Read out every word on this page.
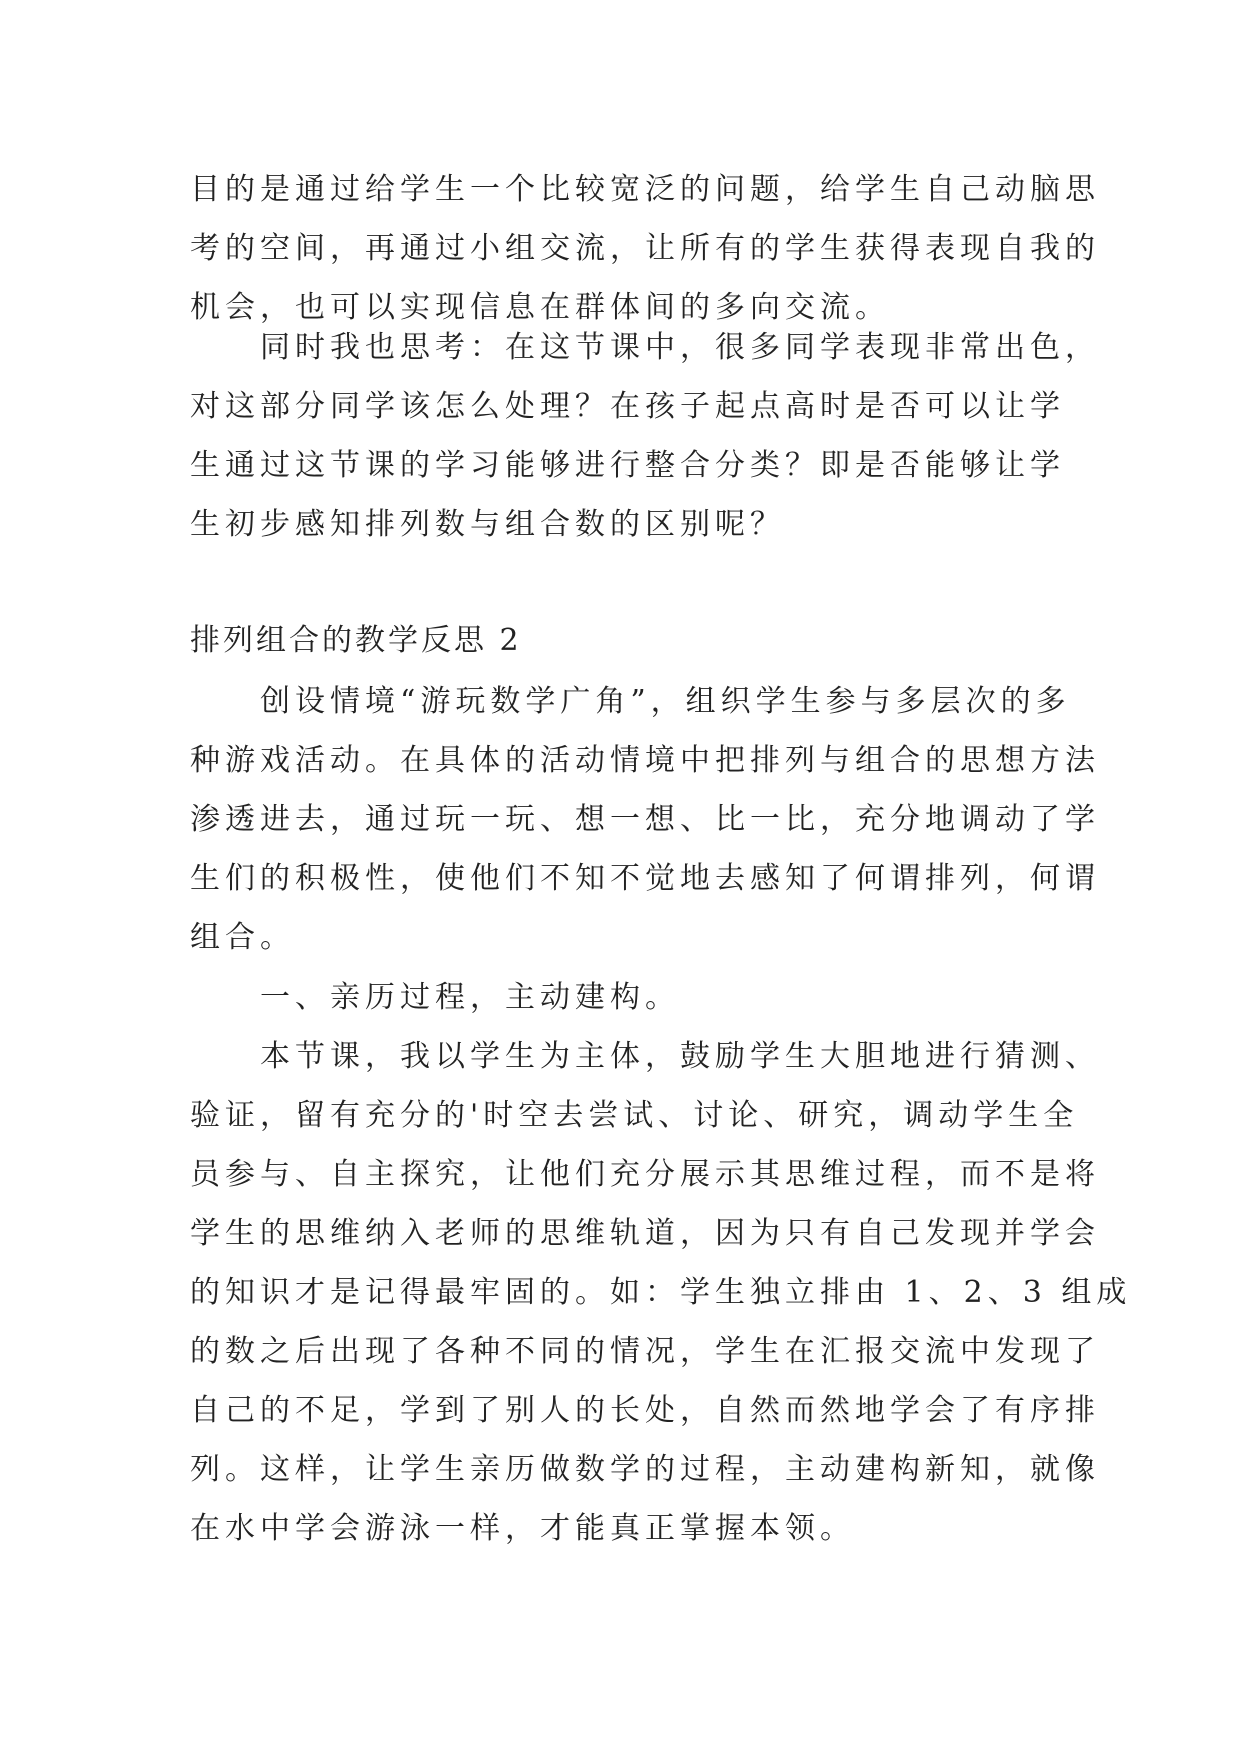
目的是通过给学生一个比较宽泛的问题，给学生自己动脑思
考的空间，再通过小组交流，让所有的学生获得表现自我的
机会，也可以实现信息在群体间的多向交流。
同时我也思考：在这节课中，很多同学表现非常出色，
对这部分同学该怎么处理？在孩子起点高时是否可以让学
生通过这节课的学习能够进行整合分类？即是否能够让学
生初步感知排列数与组合数的区别呢？
排列组合的教学反思 2
创设情境“游玩数学广角”，组织学生参与多层次的多
种游戏活动。在具体的活动情境中把排列与组合的思想方法
渗透进去，通过玩一玩、想一想、比一比，充分地调动了学
生们的积极性，使他们不知不觉地去感知了何谓排列，何谓
组合。
一、亲历过程，主动建构。
本节课，我以学生为主体，鼓励学生大胆地进行猜测、
验证，留有充分的'时空去尝试、讨论、研究，调动学生全
员参与、自主探究，让他们充分展示其思维过程，而不是将
学生的思维纳入老师的思维轨道，因为只有自己发现并学会
的知识才是记得最牢固的。如：学生独立排由 1、2、3 组成
的数之后出现了各种不同的情况，学生在汇报交流中发现了
自己的不足，学到了别人的长处，自然而然地学会了有序排
列。这样，让学生亲历做数学的过程，主动建构新知，就像
在水中学会游泳一样，才能真正掌握本领。
